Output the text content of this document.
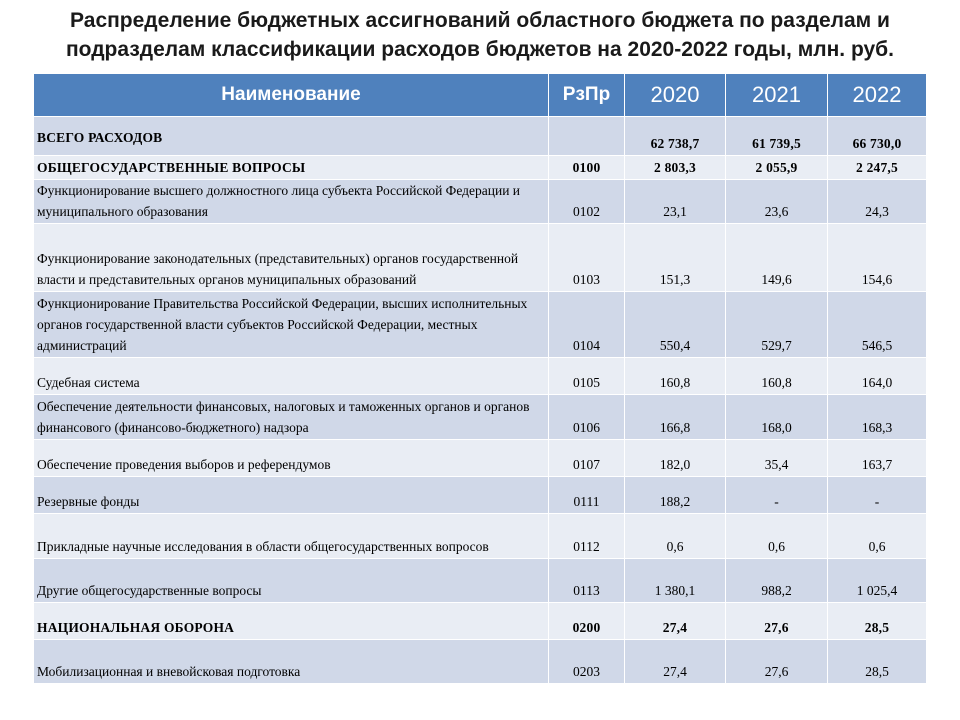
Распределение бюджетных ассигнований областного бюджета по разделам и
подразделам классификации расходов бюджетов на 2020-2022 годы, млн. руб.
Наименование	РзПр	2020	2021	2022
ВСЕГО РАСХОДОВ		62 738,7	61 739,5	66 730,0
ОБЩЕГОСУДАРСТВЕННЫЕ ВОПРОСЫ	0100	2 803,3	2 055,9	2 247,5
Функционирование высшего должностного лица субъекта Российской Федерации и муниципального образования	0102	23,1	23,6	24,3
Функционирование законодательных (представительных) органов государственной власти и представительных органов муниципальных образований	0103	151,3	149,6	154,6
Функционирование Правительства Российской Федерации, высших исполнительных органов государственной власти субъектов Российской Федерации, местных администраций	0104	550,4	529,7	546,5
Судебная система	0105	160,8	160,8	164,0
Обеспечение деятельности финансовых, налоговых и таможенных органов и органов финансового (финансово-бюджетного) надзора	0106	166,8	168,0	168,3
Обеспечение проведения выборов и референдумов	0107	182,0	35,4	163,7
Резервные фонды	0111	188,2	-	-
Прикладные научные исследования в области общегосударственных вопросов	0112	0,6	0,6	0,6
Другие общегосударственные вопросы	0113	1 380,1	988,2	1 025,4
НАЦИОНАЛЬНАЯ ОБОРОНА	0200	27,4	27,6	28,5
Мобилизационная и вневойсковая подготовка	0203	27,4	27,6	28,5
